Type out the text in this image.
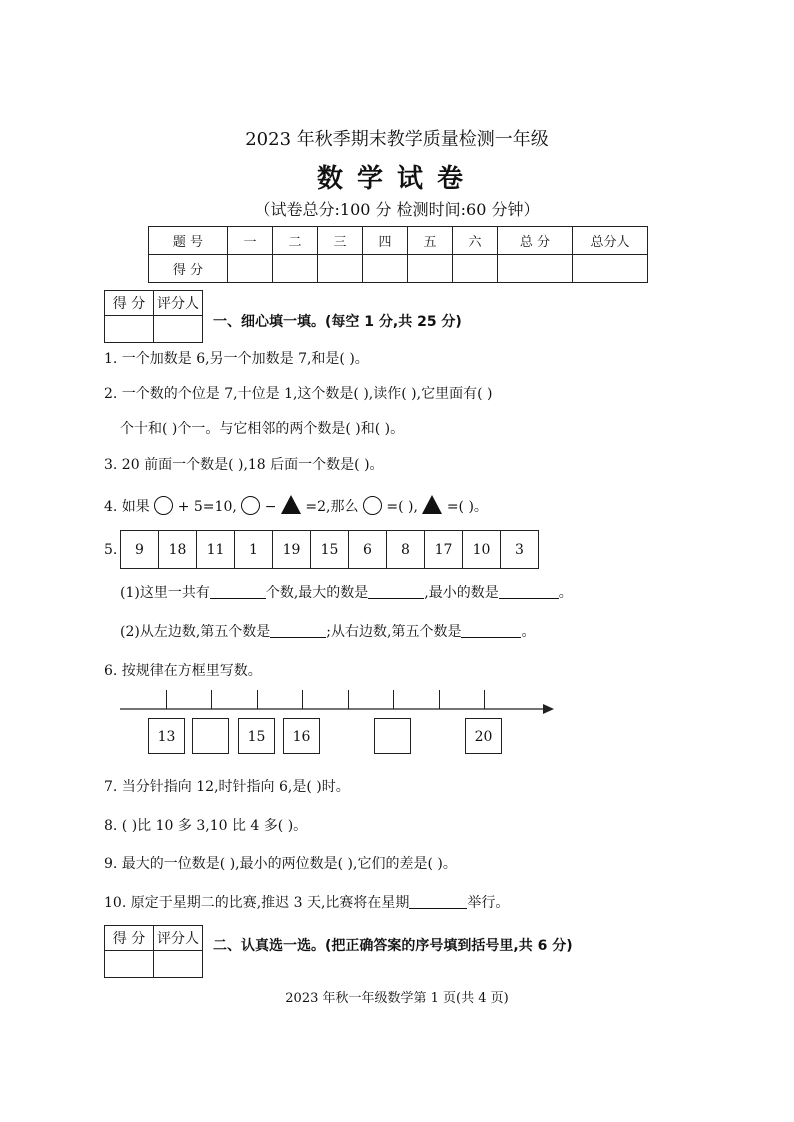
2023 年秋季期末教学质量检测一年级
数学试卷
（试卷总分:100 分 检测时间:60 分钟）
题 号	一	二	三	四	五	六	总 分	总分人
得 分								
得 分	评分人

一、细心填一填。(每空 1 分,共 25 分)
1. 一个加数是 6,另一个加数是 7,和是( )。
2. 一个数的个位是 7,十位是 1,这个数是( ),读作( ),它里面有( )
个十和( )个一。与它相邻的两个数是( )和( )。
3. 20 前面一个数是( ),18 后面一个数是( )。
4. 如果  + 5=10,  −  =2,那么  =( ),  =( )。
5. 9	18	11	1	19	15	6	8	17	10	3
(1)这里一共有	个数,最大的数是	,最小的数是	。
(2)从左边数,第五个数是	;从右边数,第五个数是	。
6. 按规律在方框里写数。
13	15	16	20
7. 当分针指向 12,时针指向 6,是( )时。
8. ( )比 10 多 3,10 比 4 多( )。
9. 最大的一位数是( ),最小的两位数是( ),它们的差是( )。
10. 原定于星期二的比赛,推迟 3 天,比赛将在星期	举行。
得 分	评分人
	二、认真选一选。(把正确答案的序号填到括号里,共 6 分)
2023 年秋一年级数学第 1 页(共 4 页)
